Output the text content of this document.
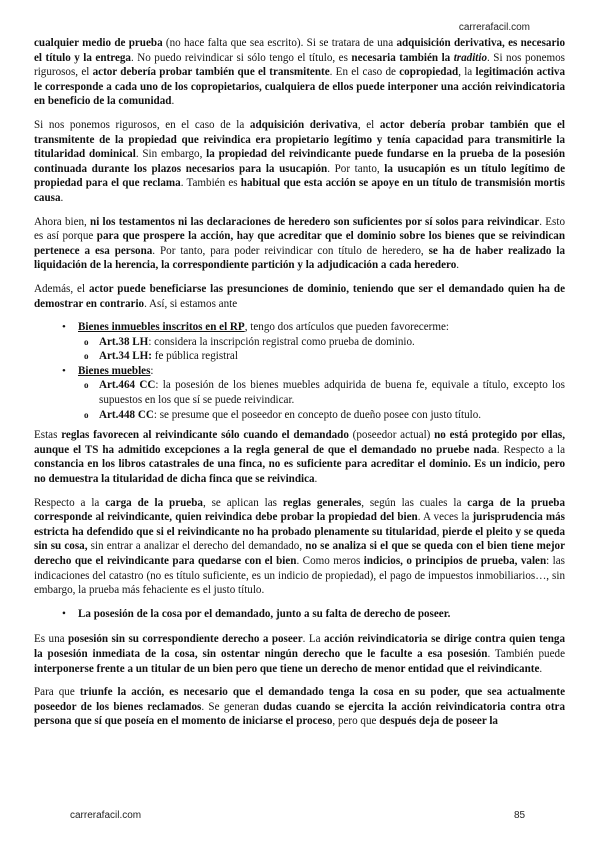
carrerafacil.com

cualquier medio de prueba (no hace falta que sea escrito). Si se tratara de una adquisición derivativa, es necesario el título y la entrega. No puedo reivindicar si sólo tengo el título, es necesaria también la traditio. Si nos ponemos rigurosos, el actor debería probar también que el transmitente. En el caso de copropiedad, la legitimación activa le corresponde a cada uno de los copropietarios, cualquiera de ellos puede interponer una acción reivindicatoria en beneficio de la comunidad.

Si nos ponemos rigurosos, en el caso de la adquisición derivativa, el actor debería probar también que el transmitente de la propiedad que reivindica era propietario legítimo y tenía capacidad para transmitirle la titularidad dominical. Sin embargo, la propiedad del reivindicante puede fundarse en la prueba de la posesión continuada durante los plazos necesarios para la usucapión. Por tanto, la usucapión es un título legítimo de propiedad para el que reclama. También es habitual que esta acción se apoye en un título de transmisión mortis causa.

Ahora bien, ni los testamentos ni las declaraciones de heredero son suficientes por sí solos para reivindicar. Esto es así porque para que prospere la acción, hay que acreditar que el dominio sobre los bienes que se reivindican pertenece a esa persona. Por tanto, para poder reivindicar con título de heredero, se ha de haber realizado la liquidación de la herencia, la correspondiente partición y la adjudicación a cada heredero.

Además, el actor puede beneficiarse las presunciones de dominio, teniendo que ser el demandado quien ha de demostrar en contrario. Así, si estamos ante

• Bienes inmuebles inscritos en el RP, tengo dos artículos que pueden favorecerme:
o Art.38 LH: considera la inscripción registral como prueba de dominio.
o Art.34 LH: fe pública registral
• Bienes muebles:
o Art.464 CC: la posesión de los bienes muebles adquirida de buena fe, equivale a título, excepto los supuestos en los que sí se puede reivindicar.
o Art.448 CC: se presume que el poseedor en concepto de dueño posee con justo título.

Estas reglas favorecen al reivindicante sólo cuando el demandado (poseedor actual) no está protegido por ellas, aunque el TS ha admitido excepciones a la regla general de que el demandado no pruebe nada. Respecto a la constancia en los libros catastrales de una finca, no es suficiente para acreditar el dominio. Es un indicio, pero no demuestra la titularidad de dicha finca que se reivindica.

Respecto a la carga de la prueba, se aplican las reglas generales, según las cuales la carga de la prueba corresponde al reivindicante, quien reivindica debe probar la propiedad del bien. A veces la jurisprudencia más estricta ha defendido que si el reivindicante no ha probado plenamente su titularidad, pierde el pleito y se queda sin su cosa, sin entrar a analizar el derecho del demandado, no se analiza si el que se queda con el bien tiene mejor derecho que el reivindicante para quedarse con el bien. Como meros indicios, o principios de prueba, valen: las indicaciones del catastro (no es título suficiente, es un indicio de propiedad), el pago de impuestos inmobiliarios…, sin embargo, la prueba más fehaciente es el justo título.

• La posesión de la cosa por el demandado, junto a su falta de derecho de poseer.

Es una posesión sin su correspondiente derecho a poseer. La acción reivindicatoria se dirige contra quien tenga la posesión inmediata de la cosa, sin ostentar ningún derecho que le faculte a esa posesión. También puede interponerse frente a un titular de un bien pero que tiene un derecho de menor entidad que el reivindicante.

Para que triunfe la acción, es necesario que el demandado tenga la cosa en su poder, que sea actualmente poseedor de los bienes reclamados. Se generan dudas cuando se ejercita la acción reivindicatoria contra otra persona que sí que poseía en el momento de iniciarse el proceso, pero que después deja de poseer la

carrerafacil.com	85
